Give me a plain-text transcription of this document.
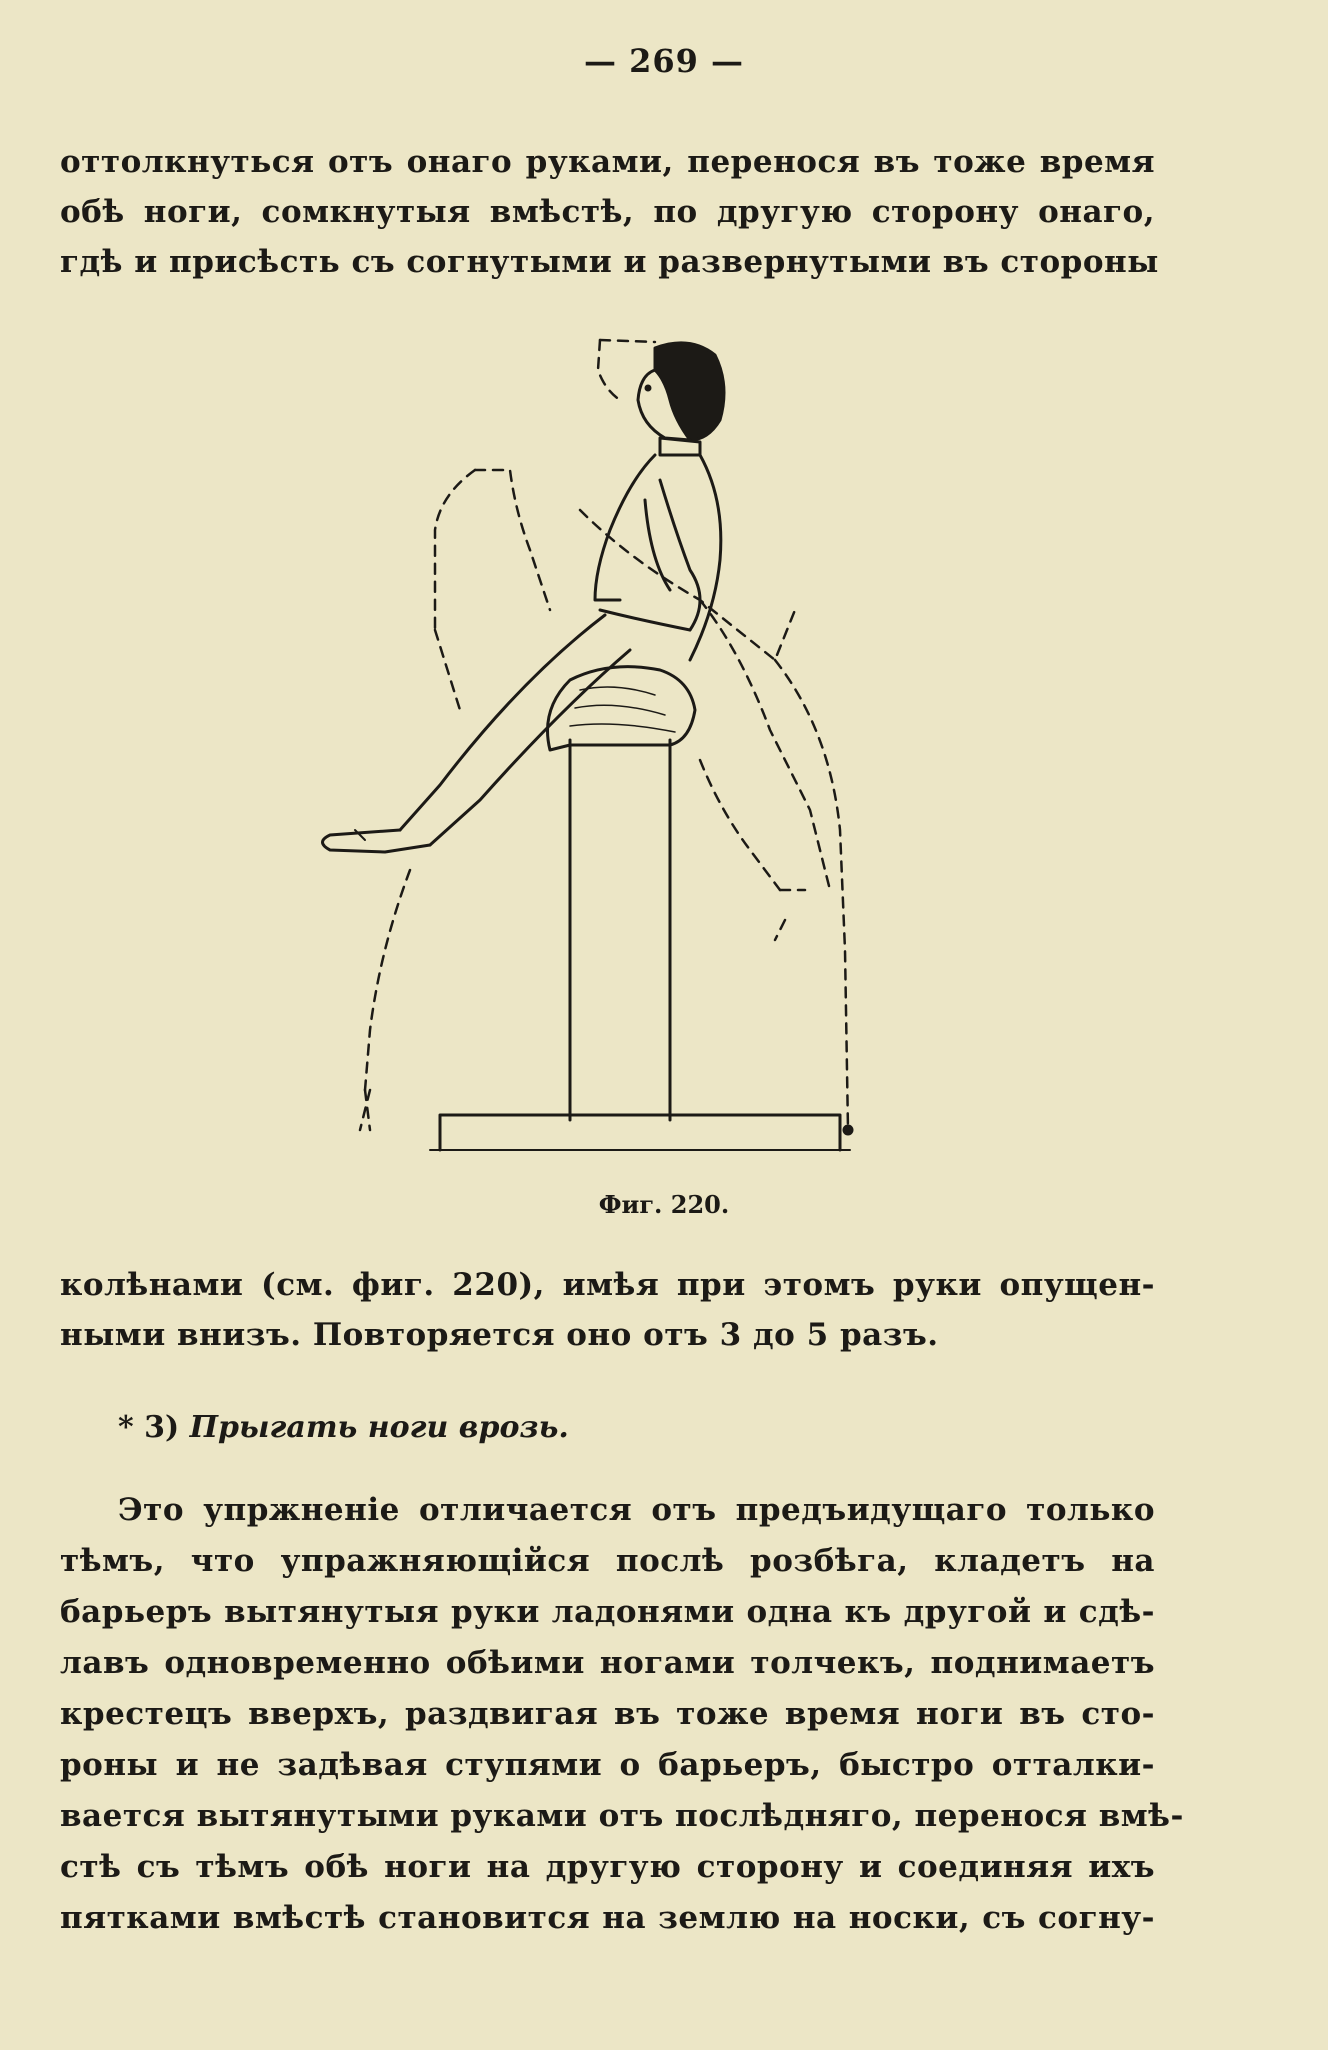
— 269 —
оттолкнуться отъ онаго руками, перенося въ тоже время
обѣ ноги, сомкнутыя вмѣстѣ, по другую сторону онаго,
гдѣ и присѣсть съ согнутыми и развернутыми въ стороны
Фиг. 220.
колѣнами (см. фиг. 220), имѣя при этомъ руки опущен-
ными внизъ. Повторяется оно отъ 3 до 5 разъ.
* 3) Прыгать ноги врозь.
Это упржненіе отличается отъ предъидущаго только
тѣмъ, что упражняющійся послѣ розбѣга, кладетъ на
барьеръ вытянутыя руки ладонями одна къ другой и сдѣ-
лавъ одновременно обѣими ногами толчекъ, поднимаетъ
крестецъ вверхъ, раздвигая въ тоже время ноги въ сто-
роны и не задѣвая ступями о барьеръ, быстро отталки-
вается вытянутыми руками отъ послѣдняго, перенося вмѣ-
стѣ съ тѣмъ обѣ ноги на другую сторону и соединяя ихъ
пятками вмѣстѣ становится на землю на носки, съ согну-
